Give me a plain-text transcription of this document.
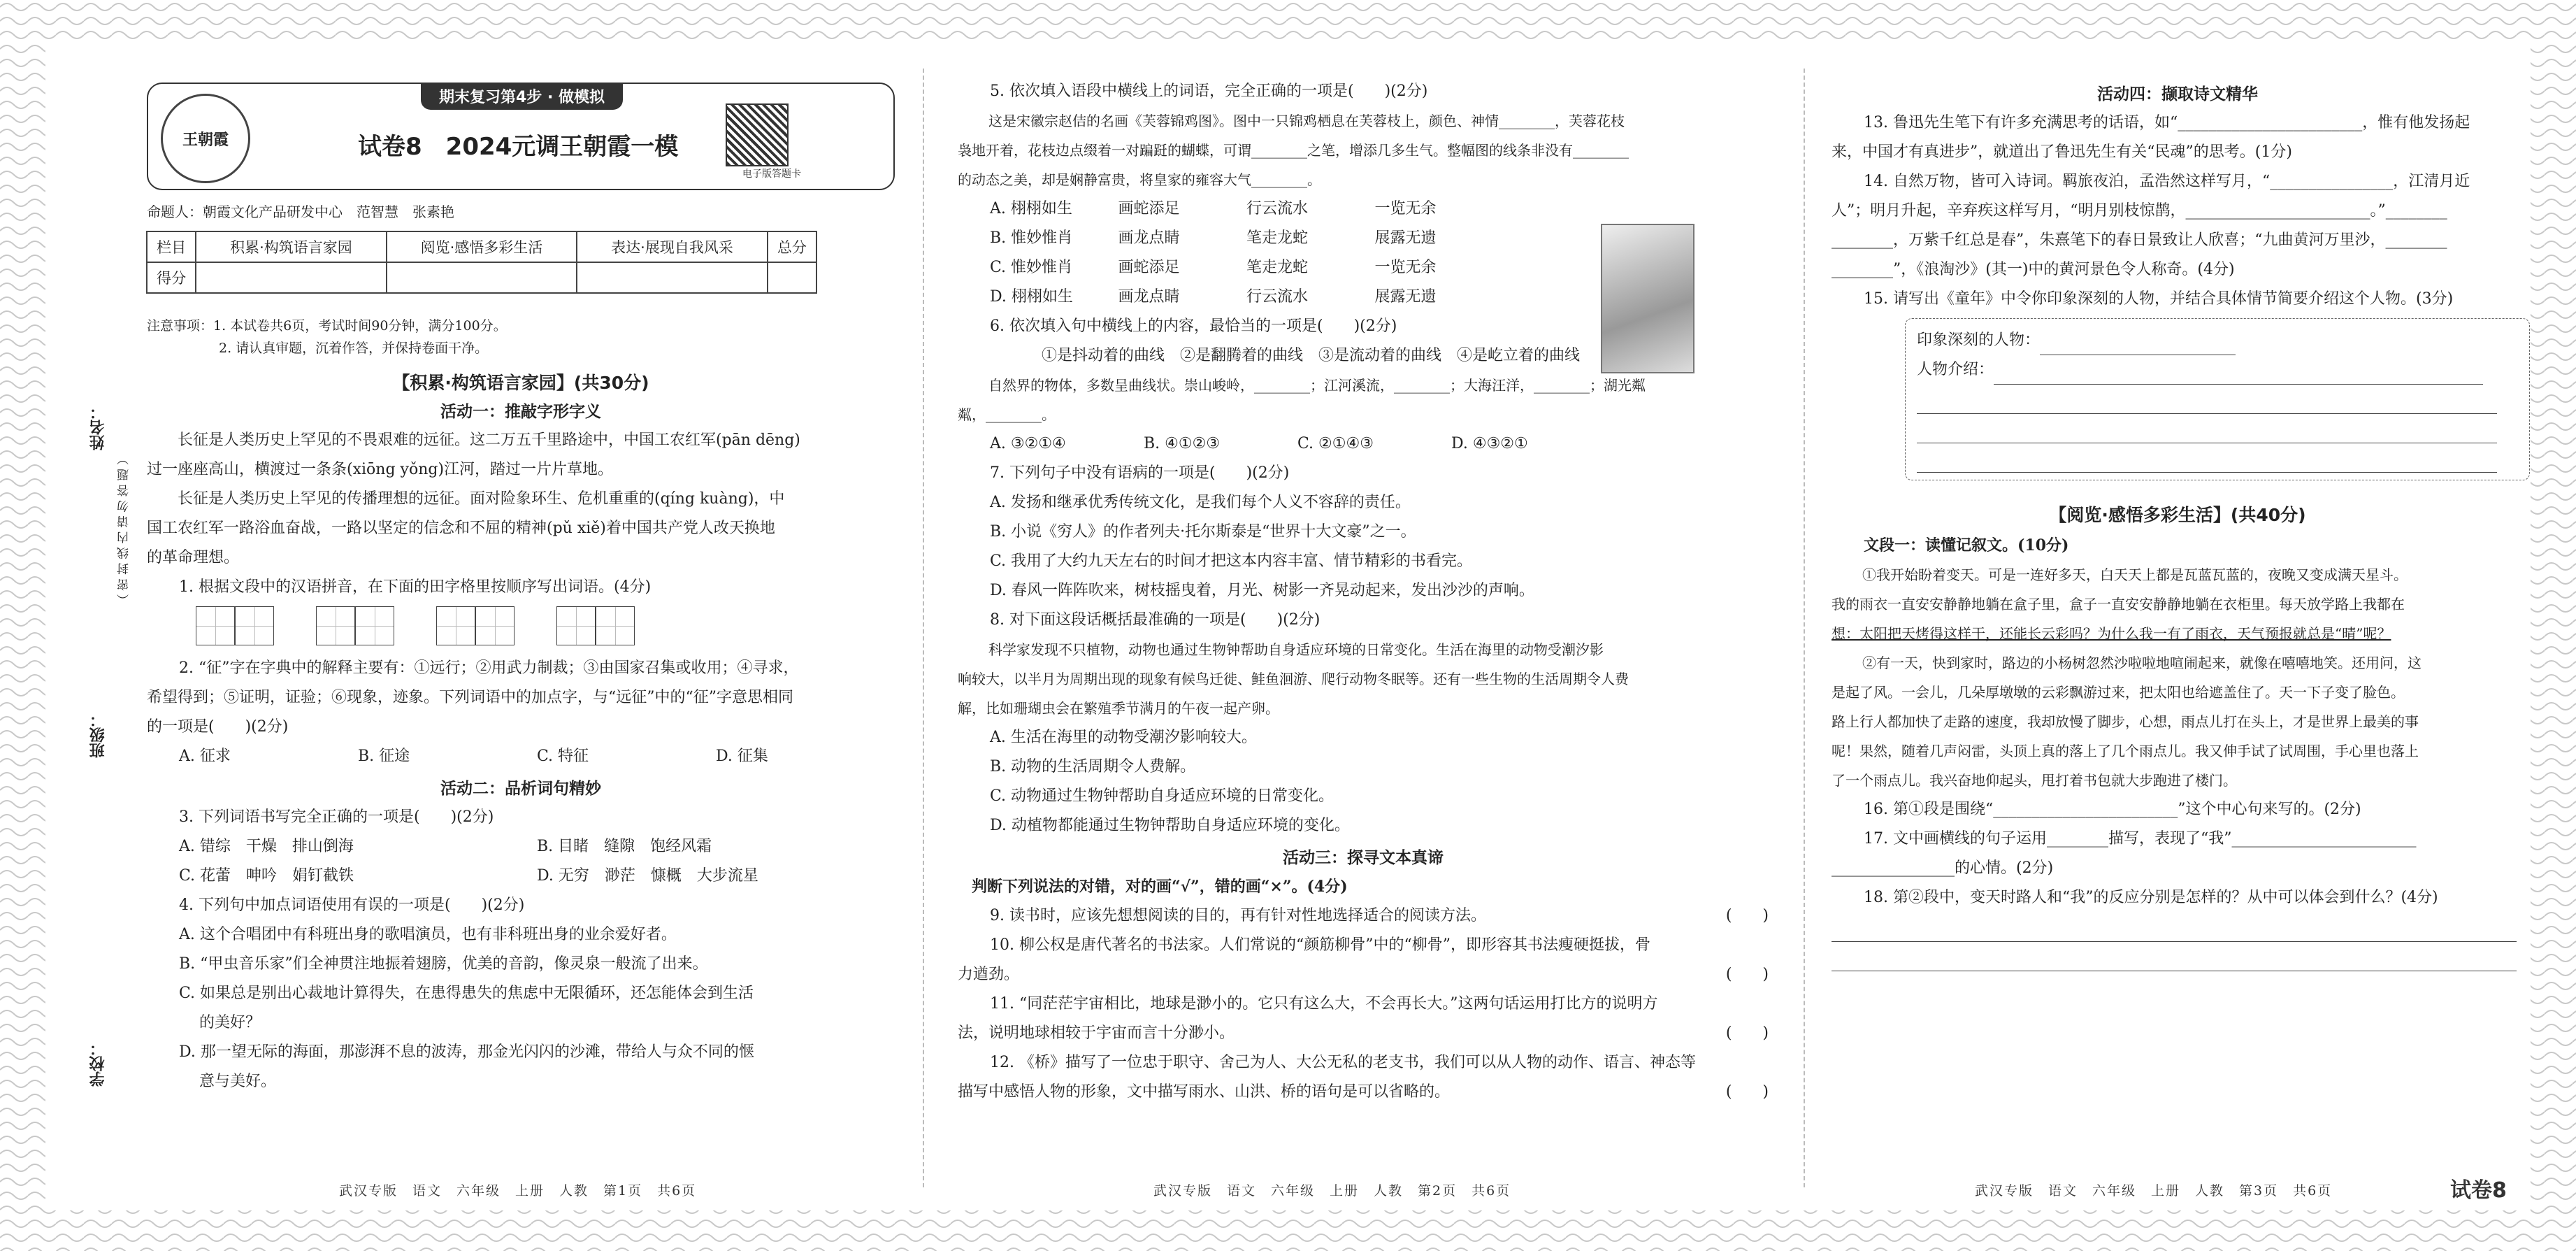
姓名：
班级：
学校：
（ 密 封 线 内 请 勿 答 题 ）
期末复习第4步 · 做模拟
王朝霞	试卷8　2024元调王朝霞一模
电子版答题卡

命题人：朝霞文化产品研发中心　范智慧　张素艳

栏目	积累·构筑语言家园	阅览·感悟多彩生活	表达·展现自我风采	总分
得分				

注意事项：1. 本试卷共6页，考试时间90分钟，满分100分。

2. 请认真审题，沉着作答，并保持卷面干净。

【积累·构筑语言家园】(共30分)
活动一：推敲字形字义

长征是人类历史上罕见的不畏艰难的远征。这二万五千里路途中，中国工农红军(pān dēng)

过一座座高山，横渡过一条条(xiōng yǒng)江河，踏过一片片草地。

长征是人类历史上罕见的传播理想的远征。面对险象环生、危机重重的(qíng kuàng)，中

国工农红军一路浴血奋战，一路以坚定的信念和不屈的精神(pǔ xiě)着中国共产党人改天换地

的革命理想。

1. 根据文段中的汉语拼音，在下面的田字格里按顺序写出词语。(4分)

2. “征”字在字典中的解释主要有：①远行；②用武力制裁；③由国家召集或收用；④寻求，

希望得到；⑤证明，证验；⑥现象，迹象。下列词语中的加点字，与“远征”中的“征”字意思相同

的一项是(　　)(2分)

A. 征求	B. 征途	C. 特征	D. 征集
活动二：品析词句精妙

3. 下列词语书写完全正确的一项是(　　)(2分)

A. 错综　干燥　排山倒海	B. 目睹　缝隙　饱经风霜
C. 花蕾　呻吟　娟钉截铁	D. 无穷　渺茫　慷概　大步流星

4. 下列句中加点词语使用有误的一项是(　　)(2分)

A. 这个合唱团中有科班出身的歌唱演员，也有非科班出身的业余爱好者。

B. “甲虫音乐家”们全神贯注地振着翅膀，优美的音韵，像灵泉一般流了出来。

C. 如果总是别出心裁地计算得失，在患得患失的焦虑中无限循环，还怎能体会到生活

　 的美好？

D. 那一望无际的海面，那澎湃不息的波涛，那金光闪闪的沙滩，带给人与众不同的惬

　 意与美好。

武汉专版　语文　六年级　上册　人教　第1页　共6页

5. 依次填入语段中横线上的词语，完全正确的一项是(　　)(2分)

这是宋徽宗赵佶的名画《芙蓉锦鸡图》。图中一只锦鸡栖息在芙蓉枝上，颜色、神情________，芙蓉花枝

袅地开着，花枝边点缀着一对蹁跹的蝴蝶，可谓________之笔，增添几多生气。整幅图的线条非没有________

的动态之美，却是娴静富贵，将皇家的雍容大气________。

A. 栩栩如生	画蛇添足	行云流水	一览无余
B. 惟妙惟肖	画龙点睛	笔走龙蛇	展露无遗
C. 惟妙惟肖	画蛇添足	笔走龙蛇	一览无余
D. 栩栩如生	画龙点睛	行云流水	展露无遗

6. 依次填入句中横线上的内容，最恰当的一项是(　　)(2分)

①是抖动着的曲线　②是翻腾着的曲线　③是流动着的曲线　④是屹立着的曲线

自然界的物体，多数呈曲线状。崇山峻岭，________；江河溪流，________；大海汪洋，________；湖光粼

粼，________。

A. ③②①④	B. ④①②③	C. ②①④③	D. ④③②①

7. 下列句子中没有语病的一项是(　　)(2分)

A. 发扬和继承优秀传统文化，是我们每个人义不容辞的责任。

B. 小说《穷人》的作者列夫·托尔斯泰是“世界十大文豪”之一。

C. 我用了大约九天左右的时间才把这本内容丰富、情节精彩的书看完。

D. 春风一阵阵吹来，树枝摇曳着，月光、树影一齐晃动起来，发出沙沙的声响。

8. 对下面这段话概括最准确的一项是(　　)(2分)

科学家发现不只植物，动物也通过生物钟帮助自身适应环境的日常变化。生活在海里的动物受潮汐影

响较大，以半月为周期出现的现象有候鸟迁徙、鲑鱼洄游、爬行动物冬眠等。还有一些生物的生活周期令人费

解，比如珊瑚虫会在繁殖季节满月的午夜一起产卵。

A. 生活在海里的动物受潮汐影响较大。

B. 动物的生活周期令人费解。

C. 动物通过生物钟帮助自身适应环境的日常变化。

D. 动植物都能通过生物钟帮助自身适应环境的变化。

活动三：探寻文本真谛

判断下列说法的对错，对的画“√”，错的画“×”。(4分)

9. 读书时，应该先想想阅读的目的，再有针对性地选择适合的阅读方法。	(　　)

10. 柳公权是唐代著名的书法家。人们常说的“颜筋柳骨”中的“柳骨”，即形容其书法瘦硬挺拔，骨

力遒劲。	(　　)

11. “同茫茫宇宙相比，地球是渺小的。它只有这么大，不会再长大。”这两句话运用打比方的说明方

法，说明地球相较于宇宙而言十分渺小。	(　　)

12. 《桥》描写了一位忠于职守、舍己为人、大公无私的老支书，我们可以从人物的动作、语言、神态等

描写中感悟人物的形象，文中描写雨水、山洪、桥的语句是可以省略的。	(　　)

武汉专版　语文　六年级　上册　人教　第2页　共6页
活动四：撷取诗文精华

13. 鲁迅先生笔下有许多充满思考的话语，如“________________________，惟有他发扬起

来，中国才有真进步”，就道出了鲁迅先生有关“民魂”的思考。(1分)

14. 自然万物，皆可入诗词。羁旅夜泊，孟浩然这样写月，“________________，江清月近

人”；明月升起，辛弃疾这样写月，“明月别枝惊鹊，________________________。”________

________，万紫千红总是春”，朱熹笔下的春日景致让人欣喜；“九曲黄河万里沙，________

________”，《浪淘沙》(其一)中的黄河景色令人称奇。(4分)

15. 请写出《童年》中令你印象深刻的人物，并结合具体情节简要介绍这个人物。(3分)

印象深刻的人物：

人物介绍：

【阅览·感悟多彩生活】(共40分)

文段一：读懂记叙文。(10分)

①我开始盼着变天。可是一连好多天，白天天上都是瓦蓝瓦蓝的，夜晚又变成满天星斗。

我的雨衣一直安安静静地躺在盒子里，盒子一直安安静静地躺在衣柜里。每天放学路上我都在

想：太阳把天烤得这样干，还能长云彩吗？为什么我一有了雨衣，天气预报就总是“晴”呢？

②有一天，快到家时，路边的小杨树忽然沙啦啦地喧闹起来，就像在嘻嘻地笑。还用问，这

是起了风。一会儿，几朵厚墩墩的云彩飘游过来，把太阳也给遮盖住了。天一下子变了脸色。

路上行人都加快了走路的速度，我却放慢了脚步，心想，雨点儿打在头上，才是世界上最美的事

呢！果然，随着几声闷雷，头顶上真的落上了几个雨点儿。我又伸手试了试周围，手心里也落上

了一个雨点儿。我兴奋地仰起头，甩打着书包就大步跑进了楼门。

16. 第①段是围绕“________________________”这个中心句来写的。(2分)

17. 文中画横线的句子运用________描写，表现了“我”________________________

________________的心情。(2分)

18. 第②段中，变天时路人和“我”的反应分别是怎样的？从中可以体会到什么？(4分)

武汉专版　语文　六年级　上册　人教　第3页　共6页	试卷8
